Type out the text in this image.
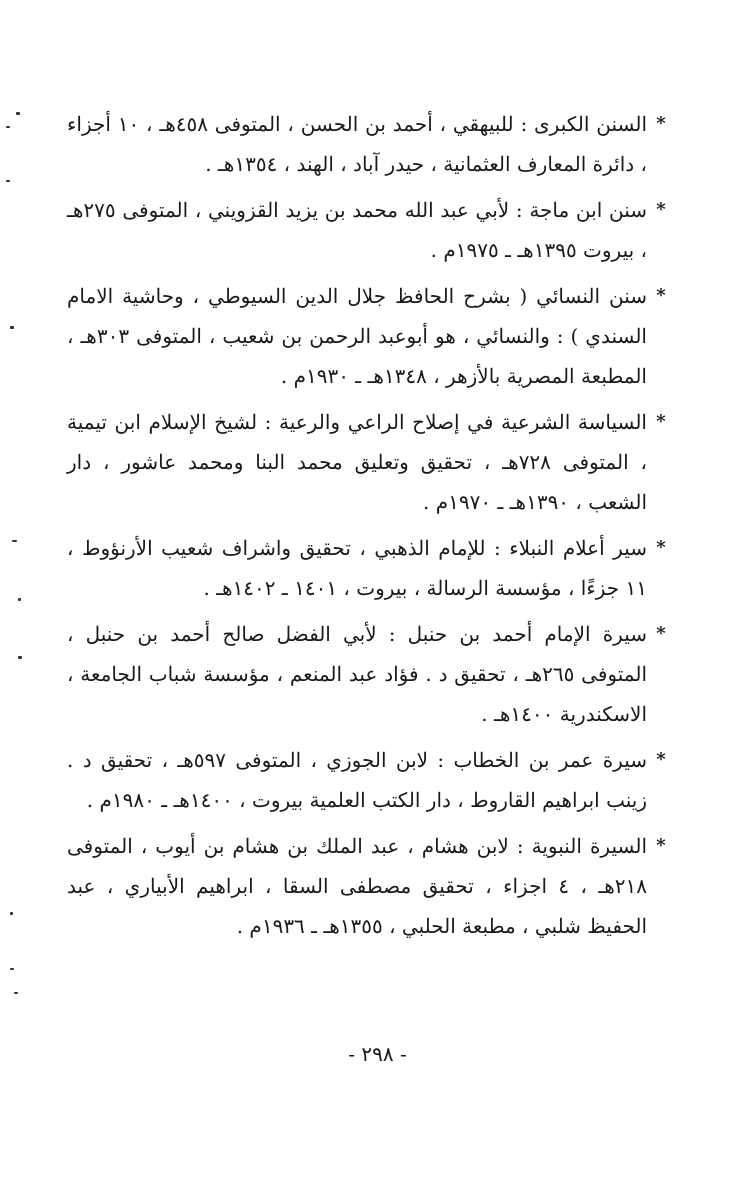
*
السنن الكبرى : للبيهقي ، أحمد بن الحسن ، المتوفى ٤٥٨هـ ، ١٠ أجزاء ، دائرة المعارف العثمانية ، حيدر آباد ، الهند ، ١٣٥٤هـ .
*
سنن ابن ماجة : لأبي عبد الله محمد بن يزيد القزويني ، المتوفى ٢٧٥هـ ، بيروت ١٣٩٥هـ ـ ١٩٧٥م .
*
سنن النسائي ( بشرح الحافظ جلال الدين السيوطي ، وحاشية الامام السندي ) : والنسائي ، هو أبوعبد الرحمن بن شعيب ، المتوفى ٣٠٣هـ ، المطبعة المصرية بالأزهر ، ١٣٤٨هـ ـ ١٩٣٠م .
*
السياسة الشرعية في إصلاح الراعي والرعية : لشيخ الإسلام ابن تيمية ، المتوفى ٧٢٨هـ ، تحقيق وتعليق محمد البنا ومحمد عاشور ، دار الشعب ، ١٣٩٠هـ ـ ١٩٧٠م .
*
سير أعلام النبلاء : للإمام الذهبي ، تحقيق واشراف شعيب الأرنؤوط ، ١١ جزءًا ، مؤسسة الرسالة ، بيروت ، ١٤٠١ ـ ١٤٠٢هـ .
*
سيرة الإمام أحمد بن حنبل : لأبي الفضل صالح أحمد بن حنبل ، المتوفى ٢٦٥هـ ، تحقيق د . فؤاد عبد المنعم ، مؤسسة شباب الجامعة ، الاسكندرية ١٤٠٠هـ .
*
سيرة عمر بن الخطاب : لابن الجوزي ، المتوفى ٥٩٧هـ ، تحقيق د . زينب ابراهيم القاروط ، دار الكتب العلمية بيروت ، ١٤٠٠هـ ـ ١٩٨٠م .
*
السيرة النبوية : لابن هشام ، عبد الملك بن هشام بن أيوب ، المتوفى ٢١٨هـ ، ٤ اجزاء ، تحقيق مصطفى السقا ، ابراهيم الأبياري ، عبد الحفيظ شلبي ، مطبعة الحلبي ، ١٣٥٥هـ ـ ١٩٣٦م .
- ٢٩٨ -
